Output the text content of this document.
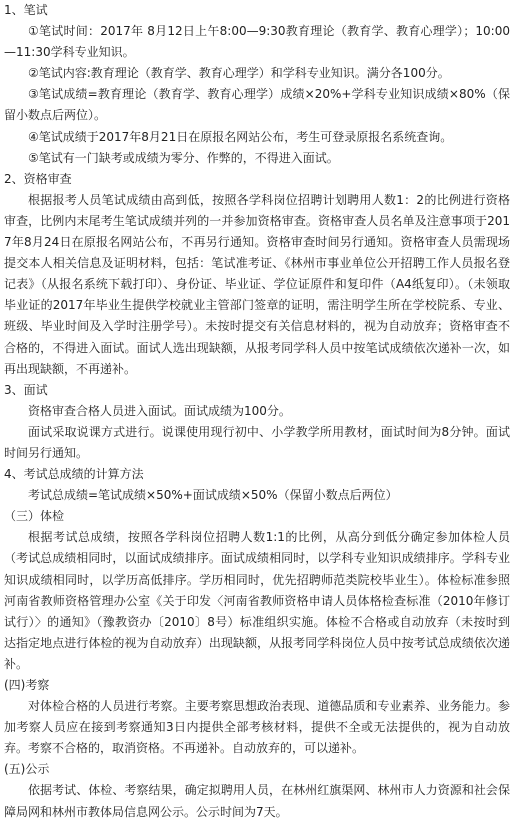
1、笔试

①笔试时间：2017年 8月12日上午8:00—9:30教育理论（教育学、教育心理学）；10:00—11:30学科专业知识。

②笔试内容:教育理论（教育学、教育心理学）和学科专业知识。满分各100分。

③笔试成绩=教育理论（教育学、教育心理学）成绩×20%+学科专业知识成绩×80%（保留小数点后两位）。

④笔试成绩于2017年8月21日在原报名网站公布，考生可登录原报名系统查询。

⑤笔试有一门缺考或成绩为零分、作弊的，不得进入面试。

2、资格审查

根据报考人员笔试成绩由高到低，按照各学科岗位招聘计划聘用人数1：2的比例进行资格审查，比例内末尾考生笔试成绩并列的一并参加资格审查。资格审查人员名单及注意事项于2017年8月24日在原报名网站公布，不再另行通知。资格审查时间另行通知。资格审查人员需现场提交本人相关信息及证明材料，包括：笔试准考证、《林州市事业单位公开招聘工作人员报名登记表》（从报名系统下载打印）、身份证、毕业证、学位证原件和复印件（A4纸复印）。（未领取毕业证的2017年毕业生提供学校就业主管部门签章的证明，需注明学生所在学校院系、专业、班级、毕业时间及入学时注册学号）。未按时提交有关信息材料的，视为自动放弃；资格审查不合格的，不得进入面试。面试人选出现缺额，从报考同学科人员中按笔试成绩依次递补一次，如再出现缺额，不再递补。

3、面试

资格审查合格人员进入面试。面试成绩为100分。

面试采取说课方式进行。说课使用现行初中、小学教学所用教材，面试时间为8分钟。面试时间另行通知。

4、考试总成绩的计算方法

考试总成绩=笔试成绩×50%+面试成绩×50%（保留小数点后两位）

（三）体检

根据考试总成绩，按照各学科岗位招聘人数1:1的比例，从高分到低分确定参加体检人员（考试总成绩相同时，以面试成绩排序。面试成绩相同时，以学科专业知识成绩排序。学科专业知识成绩相同时，以学历高低排序。学历相同时，优先招聘师范类院校毕业生）。体检标准参照河南省教师资格管理办公室《关于印发〈河南省教师资格申请人员体格检查标准（2010年修订试行）〉的通知》（豫教资办〔2010〕8号）标准组织实施。体检不合格或自动放弃（未按时到达指定地点进行体检的视为自动放弃）出现缺额，从报考同学科岗位人员中按考试总成绩依次递补。

(四)考察

对体检合格的人员进行考察。主要考察思想政治表现、道德品质和专业素养、业务能力。参加考察人员应在接到考察通知3日内提供全部考核材料，提供不全或无法提供的，视为自动放弃。考察不合格的，取消资格。不再递补。自动放弃的，可以递补。

(五)公示

依据考试、体检、考察结果，确定拟聘用人员，在林州红旗渠网、林州市人力资源和社会保障局网和林州市教体局信息网公示。公示时间为7天。
